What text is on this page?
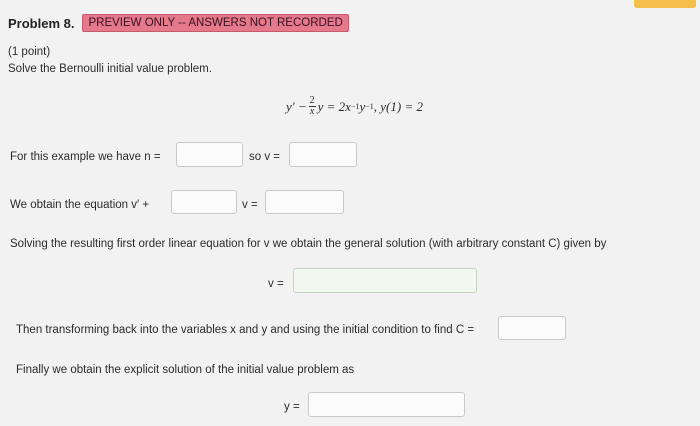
Problem 8.	PREVIEW ONLY -- ANSWERS NOT RECORDED
(1 point)
Solve the Bernoulli initial value problem.
$y' - \frac{2}{x}$ y = 2x −1 y −1 , y(1) = 2
For this example we have n =	so v =
We obtain the equation v′ +	v =
Solving the resulting first order linear equation for v we obtain the general solution (with arbitrary constant C) given by
v =
Then transforming back into the variables x and y and using the initial condition to find C =
Finally we obtain the explicit solution of the initial value problem as
y =
